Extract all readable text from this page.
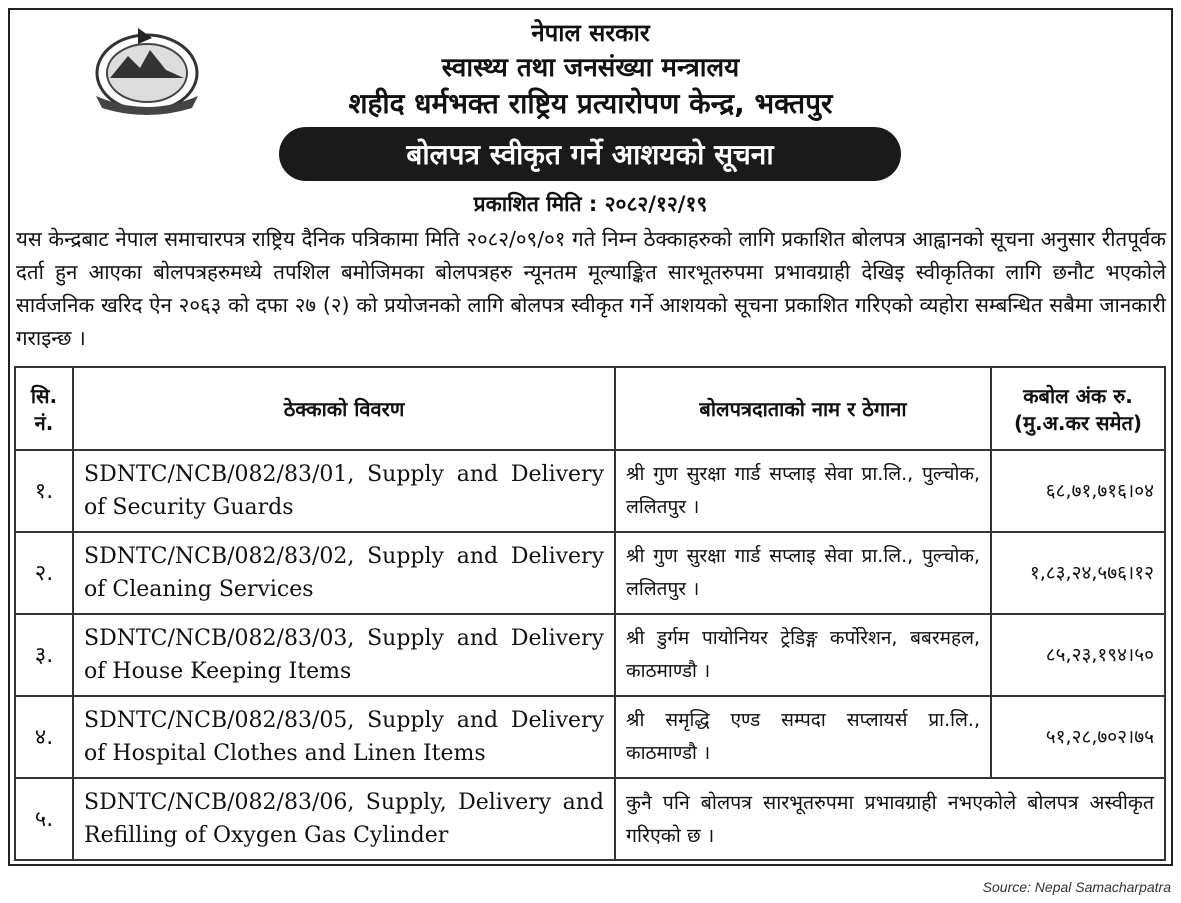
नेपाल सरकार
स्वास्थ्य तथा जनसंख्या मन्त्रालय
शहीद धर्मभक्त राष्ट्रिय प्रत्यारोपण केन्द्र, भक्तपुर
बोलपत्र स्वीकृत गर्ने आशयको सूचना
प्रकाशित मिति : २०८२/१२/१९
यस केन्द्रबाट नेपाल समाचारपत्र राष्ट्रिय दैनिक पत्रिकामा मिति २०८२/०९/०१ गते निम्न ठेक्काहरुको लागि प्रकाशित बोलपत्र आह्वानको सूचना अनुसार रीतपूर्वक दर्ता हुन आएका बोलपत्रहरुमध्ये तपशिल बमोजिमका बोलपत्रहरु न्यूनतम मूल्याङ्कित सारभूतरुपमा प्रभावग्राही देखिइ स्वीकृतिका लागि छनौट भएकोले सार्वजनिक खरिद ऐन २०६३ को दफा २७ (२) को प्रयोजनको लागि बोलपत्र स्वीकृत गर्ने आशयको सूचना प्रकाशित गरिएको व्यहोरा सम्बन्धित सबैमा जानकारी गराइन्छ ।
सि. नं.	ठेक्काको विवरण	बोलपत्रदाताको नाम र ठेगाना	कबोल अंक रु. (मु.अ.कर समेत)
१.	SDNTC/NCB/082/83/01, Supply and Delivery of Security Guards	श्री गुण सुरक्षा गार्ड सप्लाइ सेवा प्रा.लि., पुल्चोक, ललितपुर ।	६८,७१,७१६।०४
२.	SDNTC/NCB/082/83/02, Supply and Delivery of Cleaning Services	श्री गुण सुरक्षा गार्ड सप्लाइ सेवा प्रा.लि., पुल्चोक, ललितपुर ।	१,८३,२४,५७६।१२
३.	SDNTC/NCB/082/83/03, Supply and Delivery of House Keeping Items	श्री डुर्गम पायोनियर ट्रेडिङ्ग कर्पोरेशन, बबरमहल, काठमाण्डौ ।	८५,२३,१९४।५०
४.	SDNTC/NCB/082/83/05, Supply and Delivery of Hospital Clothes and Linen Items	श्री समृद्धि एण्ड सम्पदा सप्लायर्स प्रा.लि., काठमाण्डौ ।	५१,२८,७०२।७५
५.	SDNTC/NCB/082/83/06, Supply, Delivery and Refilling of Oxygen Gas Cylinder	कुनै पनि बोलपत्र सारभूतरुपमा प्रभावग्राही नभएकोले बोलपत्र अस्वीकृत गरिएको छ ।	
Source: Nepal Samacharpatra
